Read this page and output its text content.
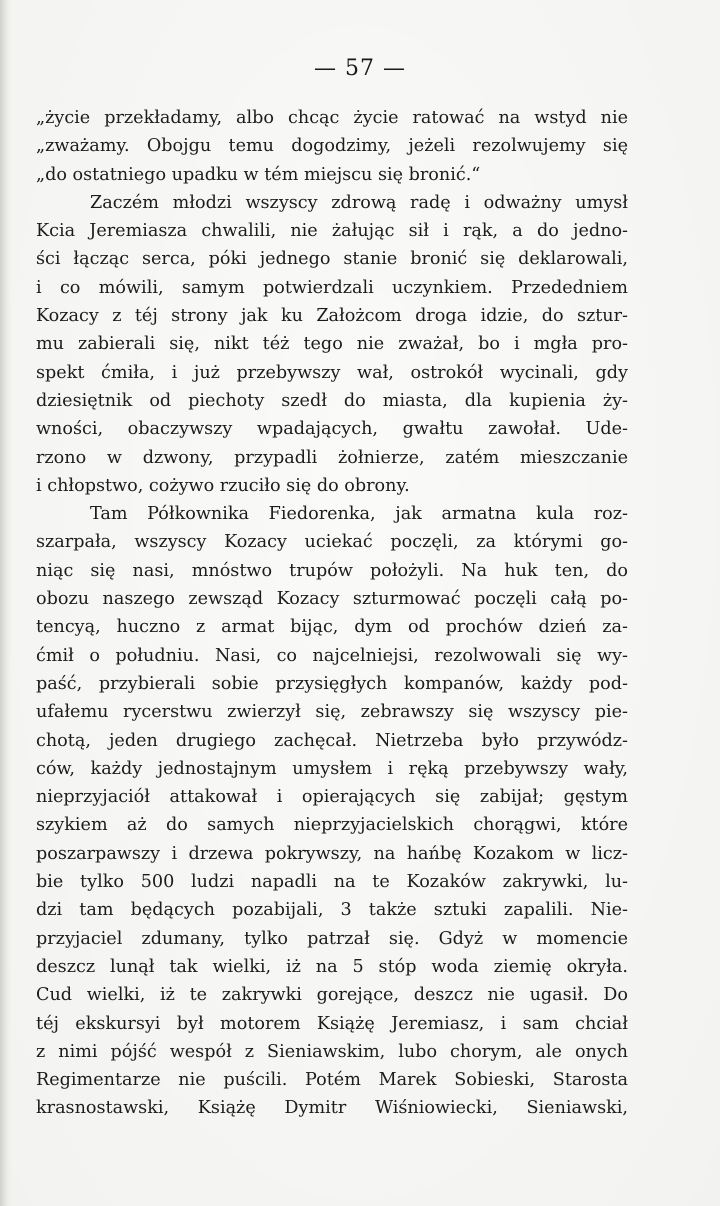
— 57 —
„życie przekładamy, albo chcąc życie ratować na wstyd nie
„zważamy. Obojgu temu dogodzimy, jeżeli rezolwujemy się
„do ostatniego upadku w tém miejscu się bronić.“
Zaczém młodzi wszyscy zdrową radę i odważny umysł
Kcia Jeremiasza chwalili, nie żałując sił i rąk, a do jedno-
ści łącząc serca, póki jednego stanie bronić się deklarowali,
i co mówili, samym potwierdzali uczynkiem. Przededniem
Kozacy z téj strony jak ku Założcom droga idzie, do sztur-
mu zabierali się, nikt téż tego nie zważał, bo i mgła pro-
spekt ćmiła, i już przebywszy wał, ostrokół wycinali, gdy
dziesiętnik od piechoty szedł do miasta, dla kupienia ży-
wności, obaczywszy wpadających, gwałtu zawołał. Ude-
rzono w dzwony, przypadli żołnierze, zatém mieszczanie
i chłopstwo, cożywo rzuciło się do obrony.
Tam Półkownika Fiedorenka, jak armatna kula roz-
szarpała, wszyscy Kozacy uciekać poczęli, za którymi go-
niąc się nasi, mnóstwo trupów położyli. Na huk ten, do
obozu naszego zewsząd Kozacy szturmować poczęli całą po-
tencyą, huczno z armat bijąc, dym od prochów dzień za-
ćmił o południu. Nasi, co najcelniejsi, rezolwowali się wy-
paść, przybierali sobie przysięgłych kompanów, każdy pod-
ufałemu rycerstwu zwierzył się, zebrawszy się wszyscy pie-
chotą, jeden drugiego zachęcał. Nietrzeba było przywódz-
ców, każdy jednostajnym umysłem i ręką przebywszy wały,
nieprzyjaciół attakował i opierających się zabijał; gęstym
szykiem aż do samych nieprzyjacielskich chorągwi, które
poszarpawszy i drzewa pokrywszy, na hańbę Kozakom w licz-
bie tylko 500 ludzi napadli na te Kozaków zakrywki, lu-
dzi tam będących pozabijali, 3 także sztuki zapalili. Nie-
przyjaciel zdumany, tylko patrzał się. Gdyż w momencie
deszcz lunął tak wielki, iż na 5 stóp woda ziemię okryła.
Cud wielki, iż te zakrywki gorejące, deszcz nie ugasił. Do
téj ekskursyi był motorem Książę Jeremiasz, i sam chciał
z nimi pójść wespół z Sieniawskim, lubo chorym, ale onych
Regimentarze nie puścili. Potém Marek Sobieski, Starosta
krasnostawski, Książę Dymitr Wiśniowiecki, Sieniawski,
